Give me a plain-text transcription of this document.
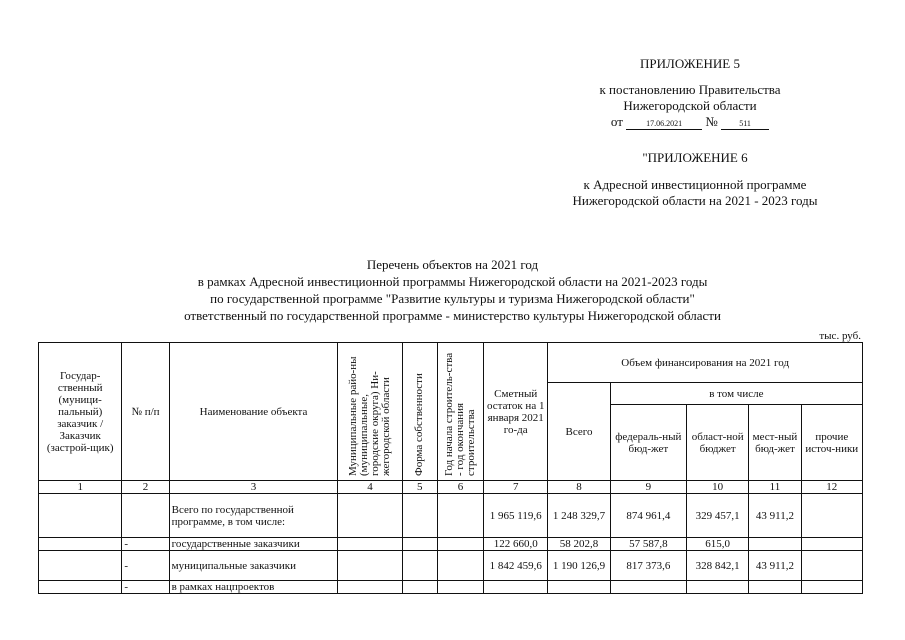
ПРИЛОЖЕНИЕ 5
к постановлению Правительства
Нижегородской области
от	17.06.2021 №	511
"ПРИЛОЖЕНИЕ 6
к Адресной инвестиционной программе
Нижегородской области на 2021 - 2023 годы
Перечень объектов на 2021 год
в рамках Адресной инвестиционной программы Нижегородской области на 2021-2023 годы
по государственной программе "Развитие культуры и туризма Нижегородской области"
ответственный по государственной программе - министерство культуры Нижегородской области
тыс. руб.
Государ-ственный (муници-пальный) заказчик / Заказчик (застрой-щик)	№ п/п	Наименование объекта	Муниципальные райо-ны (муниципальные, городские округа) Ни-жегородской области	Форма собственности	Год начала строитель-ства - год окончания строительства	Сметный остаток на 1 января 2021 го-да	Объем финансирования на 2021 год				
							Всего	в том числе			
								федераль-ный бюд-жет	област-ной бюджет	мест-ный бюд-жет	прочие источ-ники
1	2	3	4	5	6	7	8	9	10	11	12
		Всего по государственной программе, в том числе:				1 965 119,6	1 248 329,7	874 961,4	329 457,1	43 911,2	
	-	государственные заказчики				122 660,0	58 202,8	57 587,8	615,0		
	-	муниципальные заказчики				1 842 459,6	1 190 126,9	817 373,6	328 842,1	43 911,2	
	-	в рамках нацпроектов									
